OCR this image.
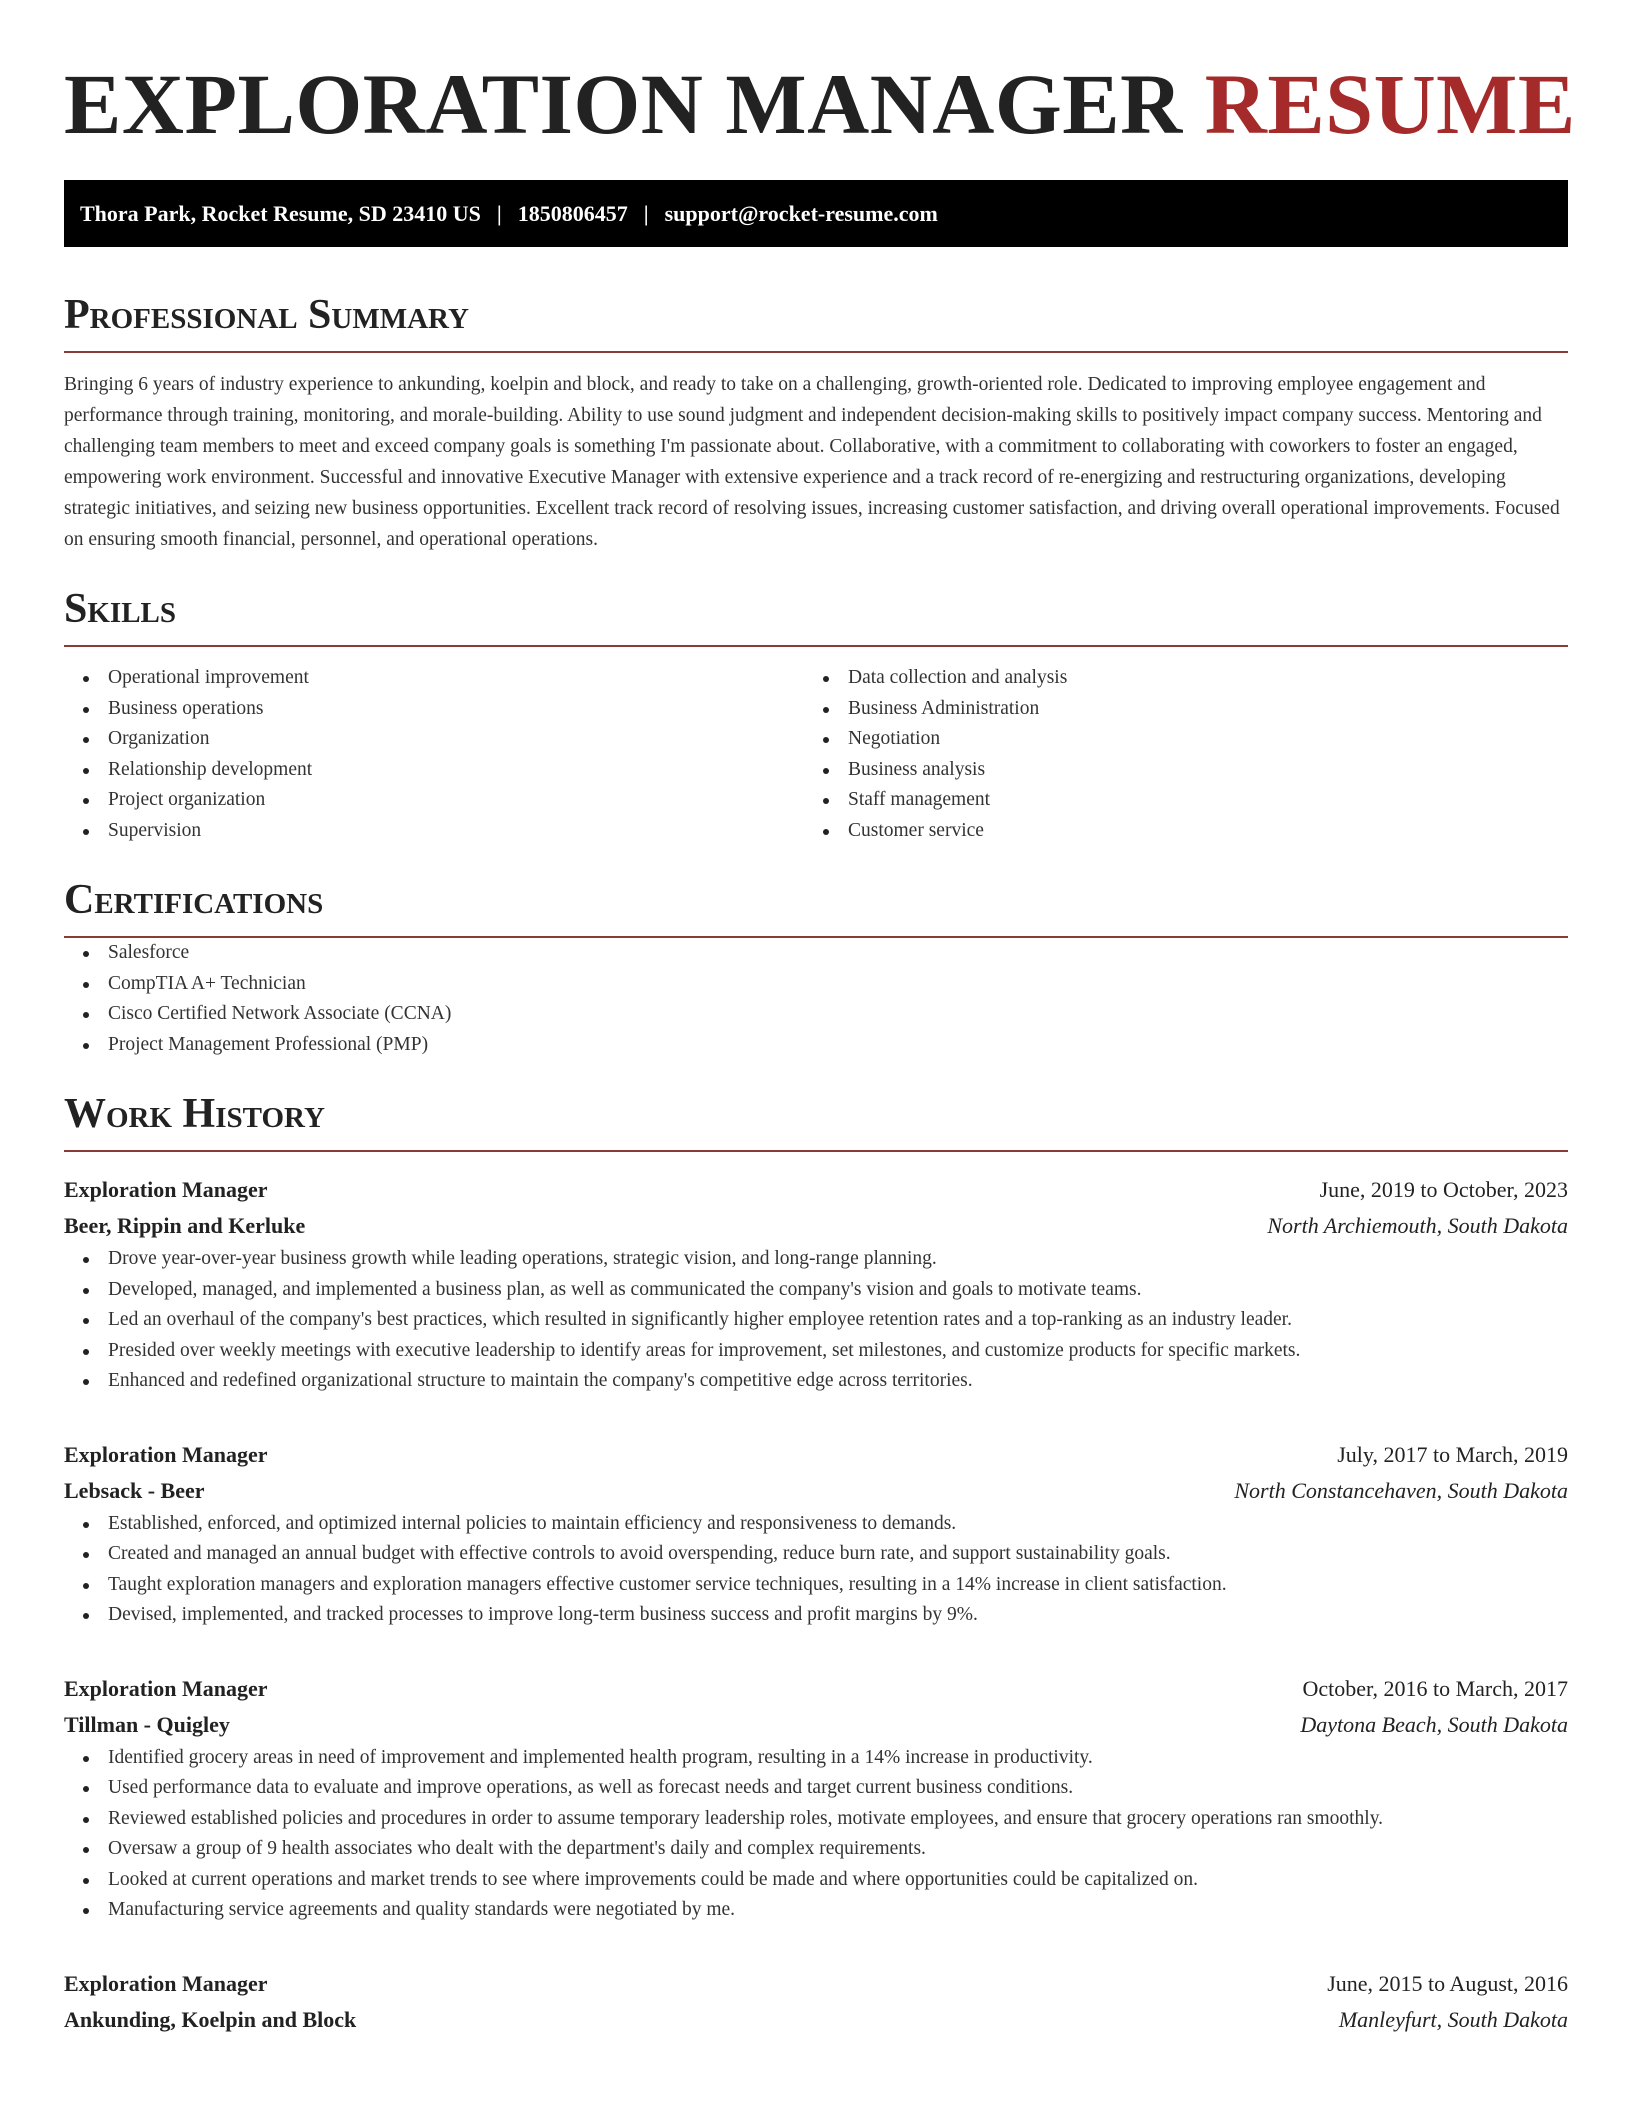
EXPLORATION MANAGER RESUME
Thora Park, Rocket Resume, SD 23410 US | 1850806457 | support@rocket-resume.com
Professional Summary

Bringing 6 years of industry experience to ankunding, koelpin and block, and ready to take on a challenging, growth-oriented role. Dedicated to improving employee engagement and performance through training, monitoring, and morale-building. Ability to use sound judgment and independent decision-making skills to positively impact company success. Mentoring and challenging team members to meet and exceed company goals is something I'm passionate about. Collaborative, with a commitment to collaborating with coworkers to foster an engaged, empowering work environment. Successful and innovative Executive Manager with extensive experience and a track record of re-energizing and restructuring organizations, developing strategic initiatives, and seizing new business opportunities. Excellent track record of resolving issues, increasing customer satisfaction, and driving overall operational improvements. Focused on ensuring smooth financial, personnel, and operational operations.

Skills
Operational improvement
Business operations
Organization
Relationship development
Project organization
Supervision
Data collection and analysis
Business Administration
Negotiation
Business analysis
Staff management
Customer service
Certifications
Salesforce
CompTIA A+ Technician
Cisco Certified Network Associate (CCNA)
Project Management Professional (PMP)
Work History
Exploration Manager	June, 2019 to October, 2023
Beer, Rippin and Kerluke	North Archiemouth, South Dakota
Drove year-over-year business growth while leading operations, strategic vision, and long-range planning.
Developed, managed, and implemented a business plan, as well as communicated the company's vision and goals to motivate teams.
Led an overhaul of the company's best practices, which resulted in significantly higher employee retention rates and a top-ranking as an industry leader.
Presided over weekly meetings with executive leadership to identify areas for improvement, set milestones, and customize products for specific markets.
Enhanced and redefined organizational structure to maintain the company's competitive edge across territories.
Exploration Manager	July, 2017 to March, 2019
Lebsack - Beer	North Constancehaven, South Dakota
Established, enforced, and optimized internal policies to maintain efficiency and responsiveness to demands.
Created and managed an annual budget with effective controls to avoid overspending, reduce burn rate, and support sustainability goals.
Taught exploration managers and exploration managers effective customer service techniques, resulting in a 14% increase in client satisfaction.
Devised, implemented, and tracked processes to improve long-term business success and profit margins by 9%.
Exploration Manager	October, 2016 to March, 2017
Tillman - Quigley	Daytona Beach, South Dakota
Identified grocery areas in need of improvement and implemented health program, resulting in a 14% increase in productivity.
Used performance data to evaluate and improve operations, as well as forecast needs and target current business conditions.
Reviewed established policies and procedures in order to assume temporary leadership roles, motivate employees, and ensure that grocery operations ran smoothly.
Oversaw a group of 9 health associates who dealt with the department's daily and complex requirements.
Looked at current operations and market trends to see where improvements could be made and where opportunities could be capitalized on.
Manufacturing service agreements and quality standards were negotiated by me.
Exploration Manager	June, 2015 to August, 2016
Ankunding, Koelpin and Block	Manleyfurt, South Dakota
